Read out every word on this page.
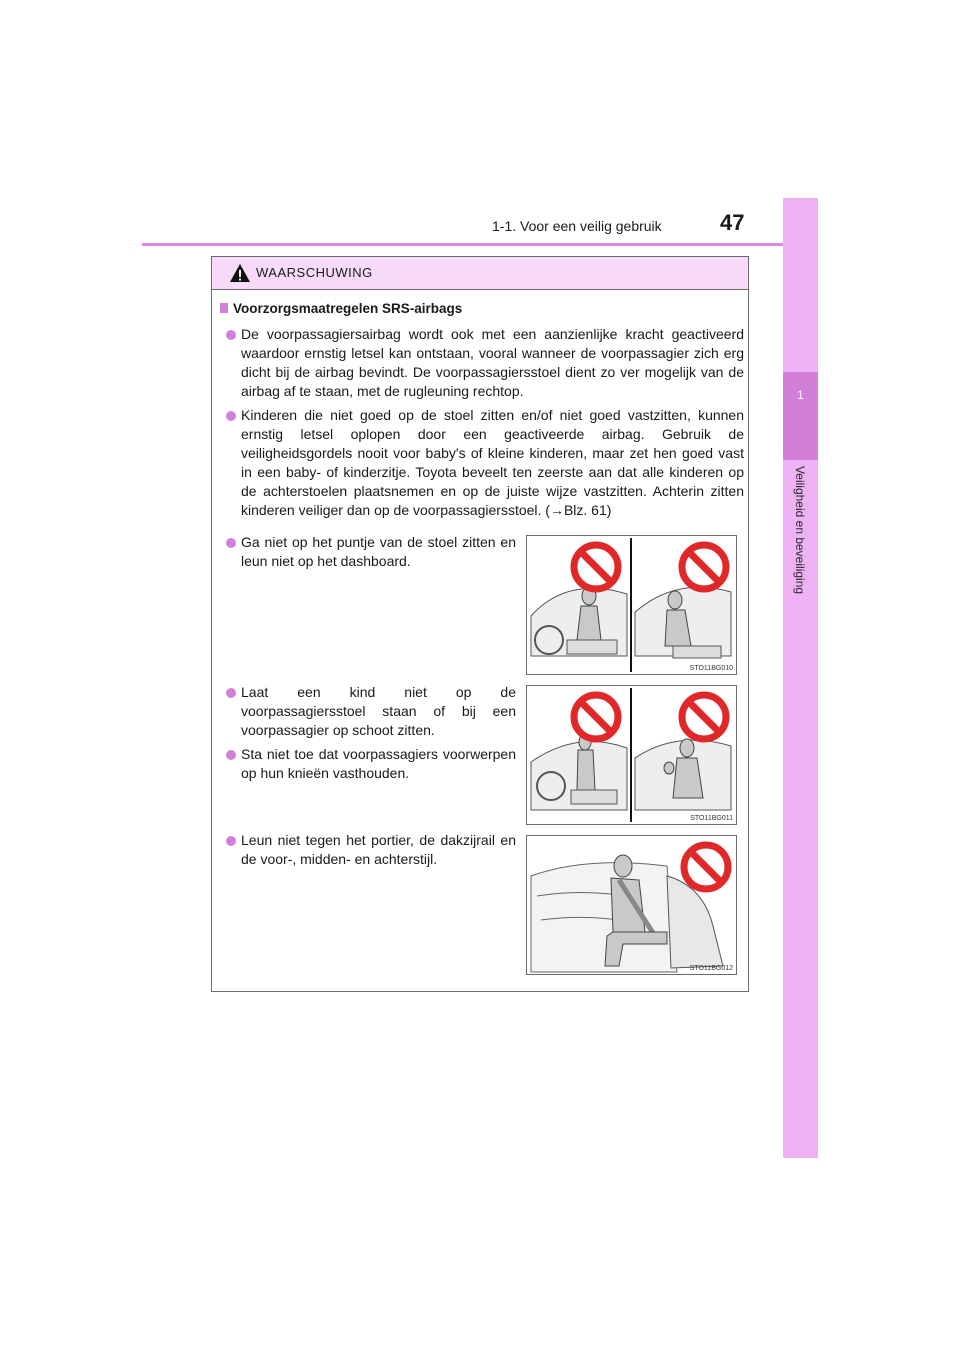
1-1. Voor een veilig gebruik	47
1
Veiligheid en beveiliging
WAARSCHUWING
Voorzorgsmaatregelen SRS-airbags
De voorpassagiersairbag wordt ook met een aanzienlijke kracht geactiveerd waardoor ernstig letsel kan ontstaan, vooral wanneer de voorpassagier zich erg dicht bij de airbag bevindt. De voorpassagiersstoel dient zo ver mogelijk van de airbag af te staan, met de rugleuning rechtop.
Kinderen die niet goed op de stoel zitten en/of niet goed vastzitten, kunnen ernstig letsel oplopen door een geactiveerde airbag. Gebruik de veiligheidsgordels nooit voor baby's of kleine kinderen, maar zet hen goed vast in een baby- of kinderzitje. Toyota beveelt ten zeerste aan dat alle kinderen op de achterstoelen plaatsnemen en op de juiste wijze vastzitten. Achterin zitten kinderen veiliger dan op de voorpassagiersstoel. (→Blz. 61)
Ga niet op het puntje van de stoel zitten en leun niet op het dashboard.
Laat een kind niet op de voorpassagiersstoel staan of bij een voorpassagier op schoot zitten.
Sta niet toe dat voorpassagiers voorwerpen op hun knieën vasthouden.
Leun niet tegen het portier, de dakzijrail en de voor-, midden- en achterstijl.
STO11BG010
STO11BG011
STO11BG012
